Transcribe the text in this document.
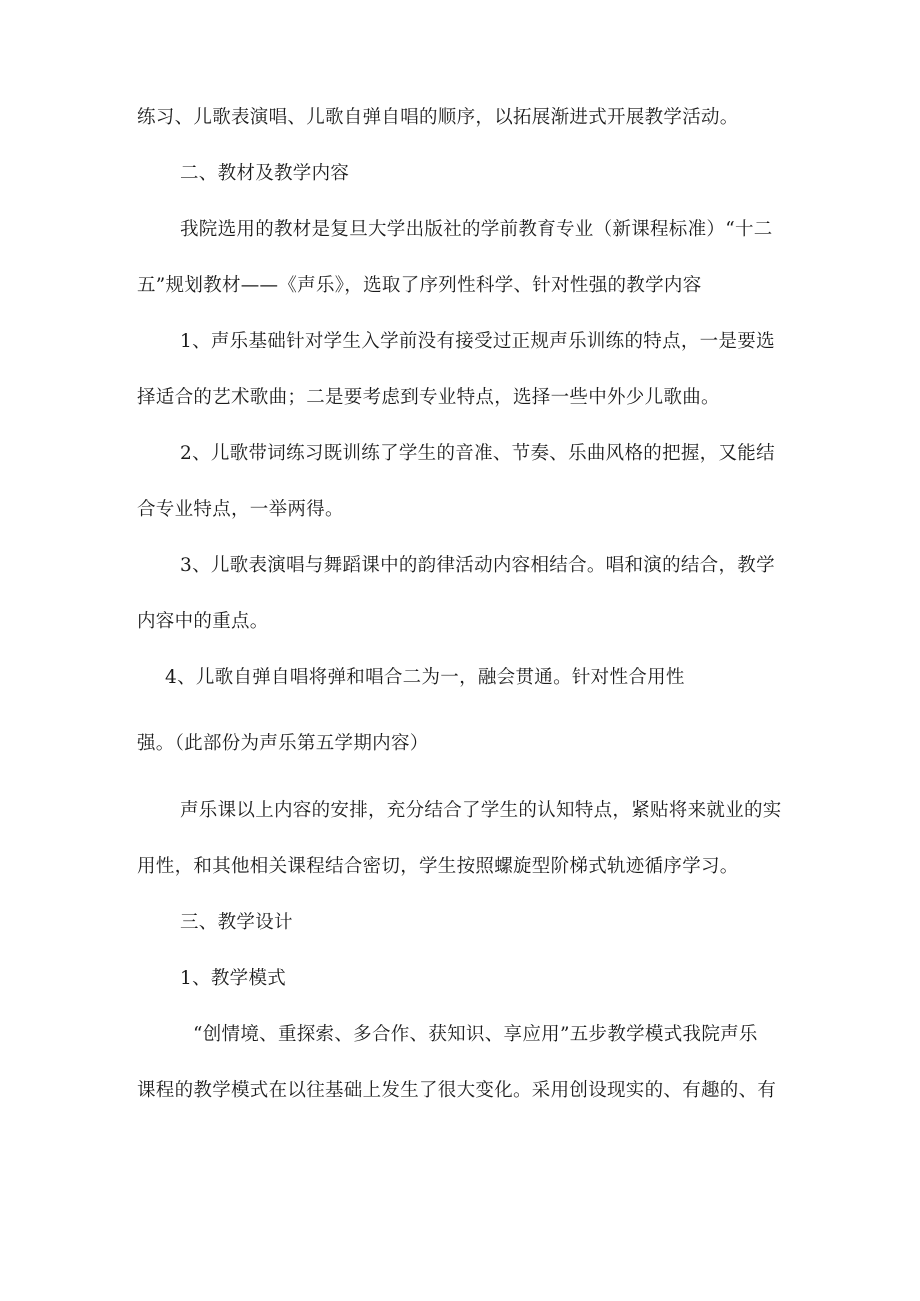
练习、儿歌表演唱、儿歌自弹自唱的顺序，以拓展渐进式开展教学活动。
二、教材及教学内容
我院选用的教材是复旦大学出版社的学前教育专业（新课程标准）“十二
五”规划教材——《声乐》，选取了序列性科学、针对性强的教学内容
1、声乐基础针对学生入学前没有接受过正规声乐训练的特点，一是要选
择适合的艺术歌曲；二是要考虑到专业特点，选择一些中外少儿歌曲。
2、儿歌带词练习既训练了学生的音准、节奏、乐曲风格的把握，又能结
合专业特点，一举两得。
3、儿歌表演唱与舞蹈课中的韵律活动内容相结合。唱和演的结合，教学
内容中的重点。
4、儿歌自弹自唱将弹和唱合二为一，融会贯通。针对性合用性
强。（此部份为声乐第五学期内容）
声乐课以上内容的安排，充分结合了学生的认知特点，紧贴将来就业的实
用性，和其他相关课程结合密切，学生按照螺旋型阶梯式轨迹循序学习。
三、教学设计
1、教学模式
“创情境、重探索、多合作、获知识、享应用”五步教学模式我院声乐
课程的教学模式在以往基础上发生了很大变化。采用创设现实的、有趣的、有
